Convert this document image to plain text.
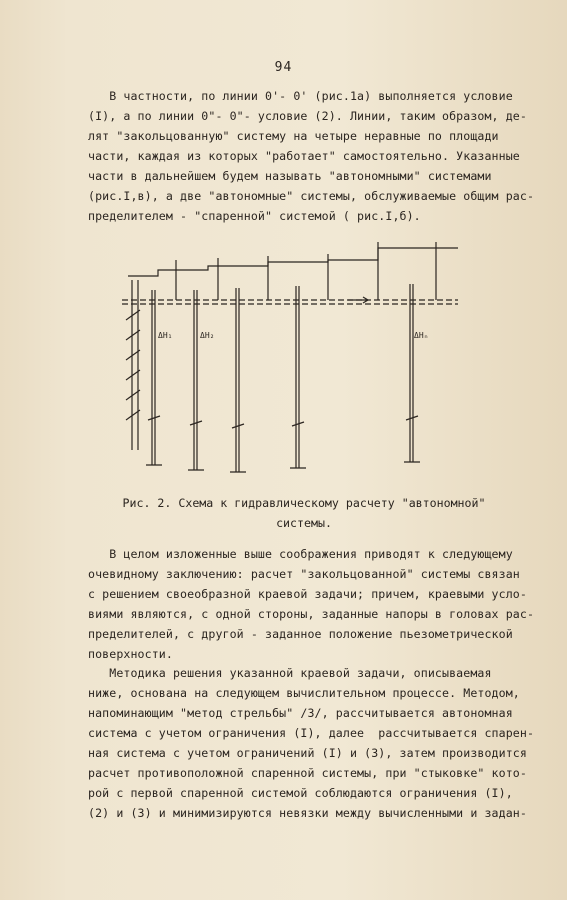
94
В частности, по линии 0'- 0' (рис.1а) выполняется условие
(I), а по линии 0"- 0"- условие (2). Линии, таким образом, де-
лят "закольцованную" систему на четыре неравные по площади
части, каждая из которых "работает" самостоятельно. Указанные
части в дальнейшем будем называть "автономными" системами
(рис.I,в), а две "автономные" системы, обслуживаемые общим рас-
пределителем - "спаренной" системой ( рис.I,б).
ΔH₁	ΔH₂	ΔHₙ
Рис. 2. Схема к гидравлическому расчету "автономной"
системы.
В целом изложенные выше соображения приводят к следующему
очевидному заключению: расчет "закольцованной" системы связан
с решением своеобразной краевой задачи; причем, краевыми усло-
виями являются, с одной стороны, заданные напоры в головах рас-
пределителей, с другой - заданное положение пьезометрической
поверхности.
Методика решения указанной краевой задачи, описываемая
ниже, основана на следующем вычислительном процессе. Методом,
напоминающим "метод стрельбы" /3/, рассчитывается автономная
система с учетом ограничения (I), далее  рассчитывается спарен-
ная система с учетом ограничений (I) и (3), затем производится
расчет противоположной спаренной системы, при "стыковке" кото-
рой с первой спаренной системой соблюдаются ограничения (I),
(2) и (3) и минимизируются невязки между вычисленными и задан-
